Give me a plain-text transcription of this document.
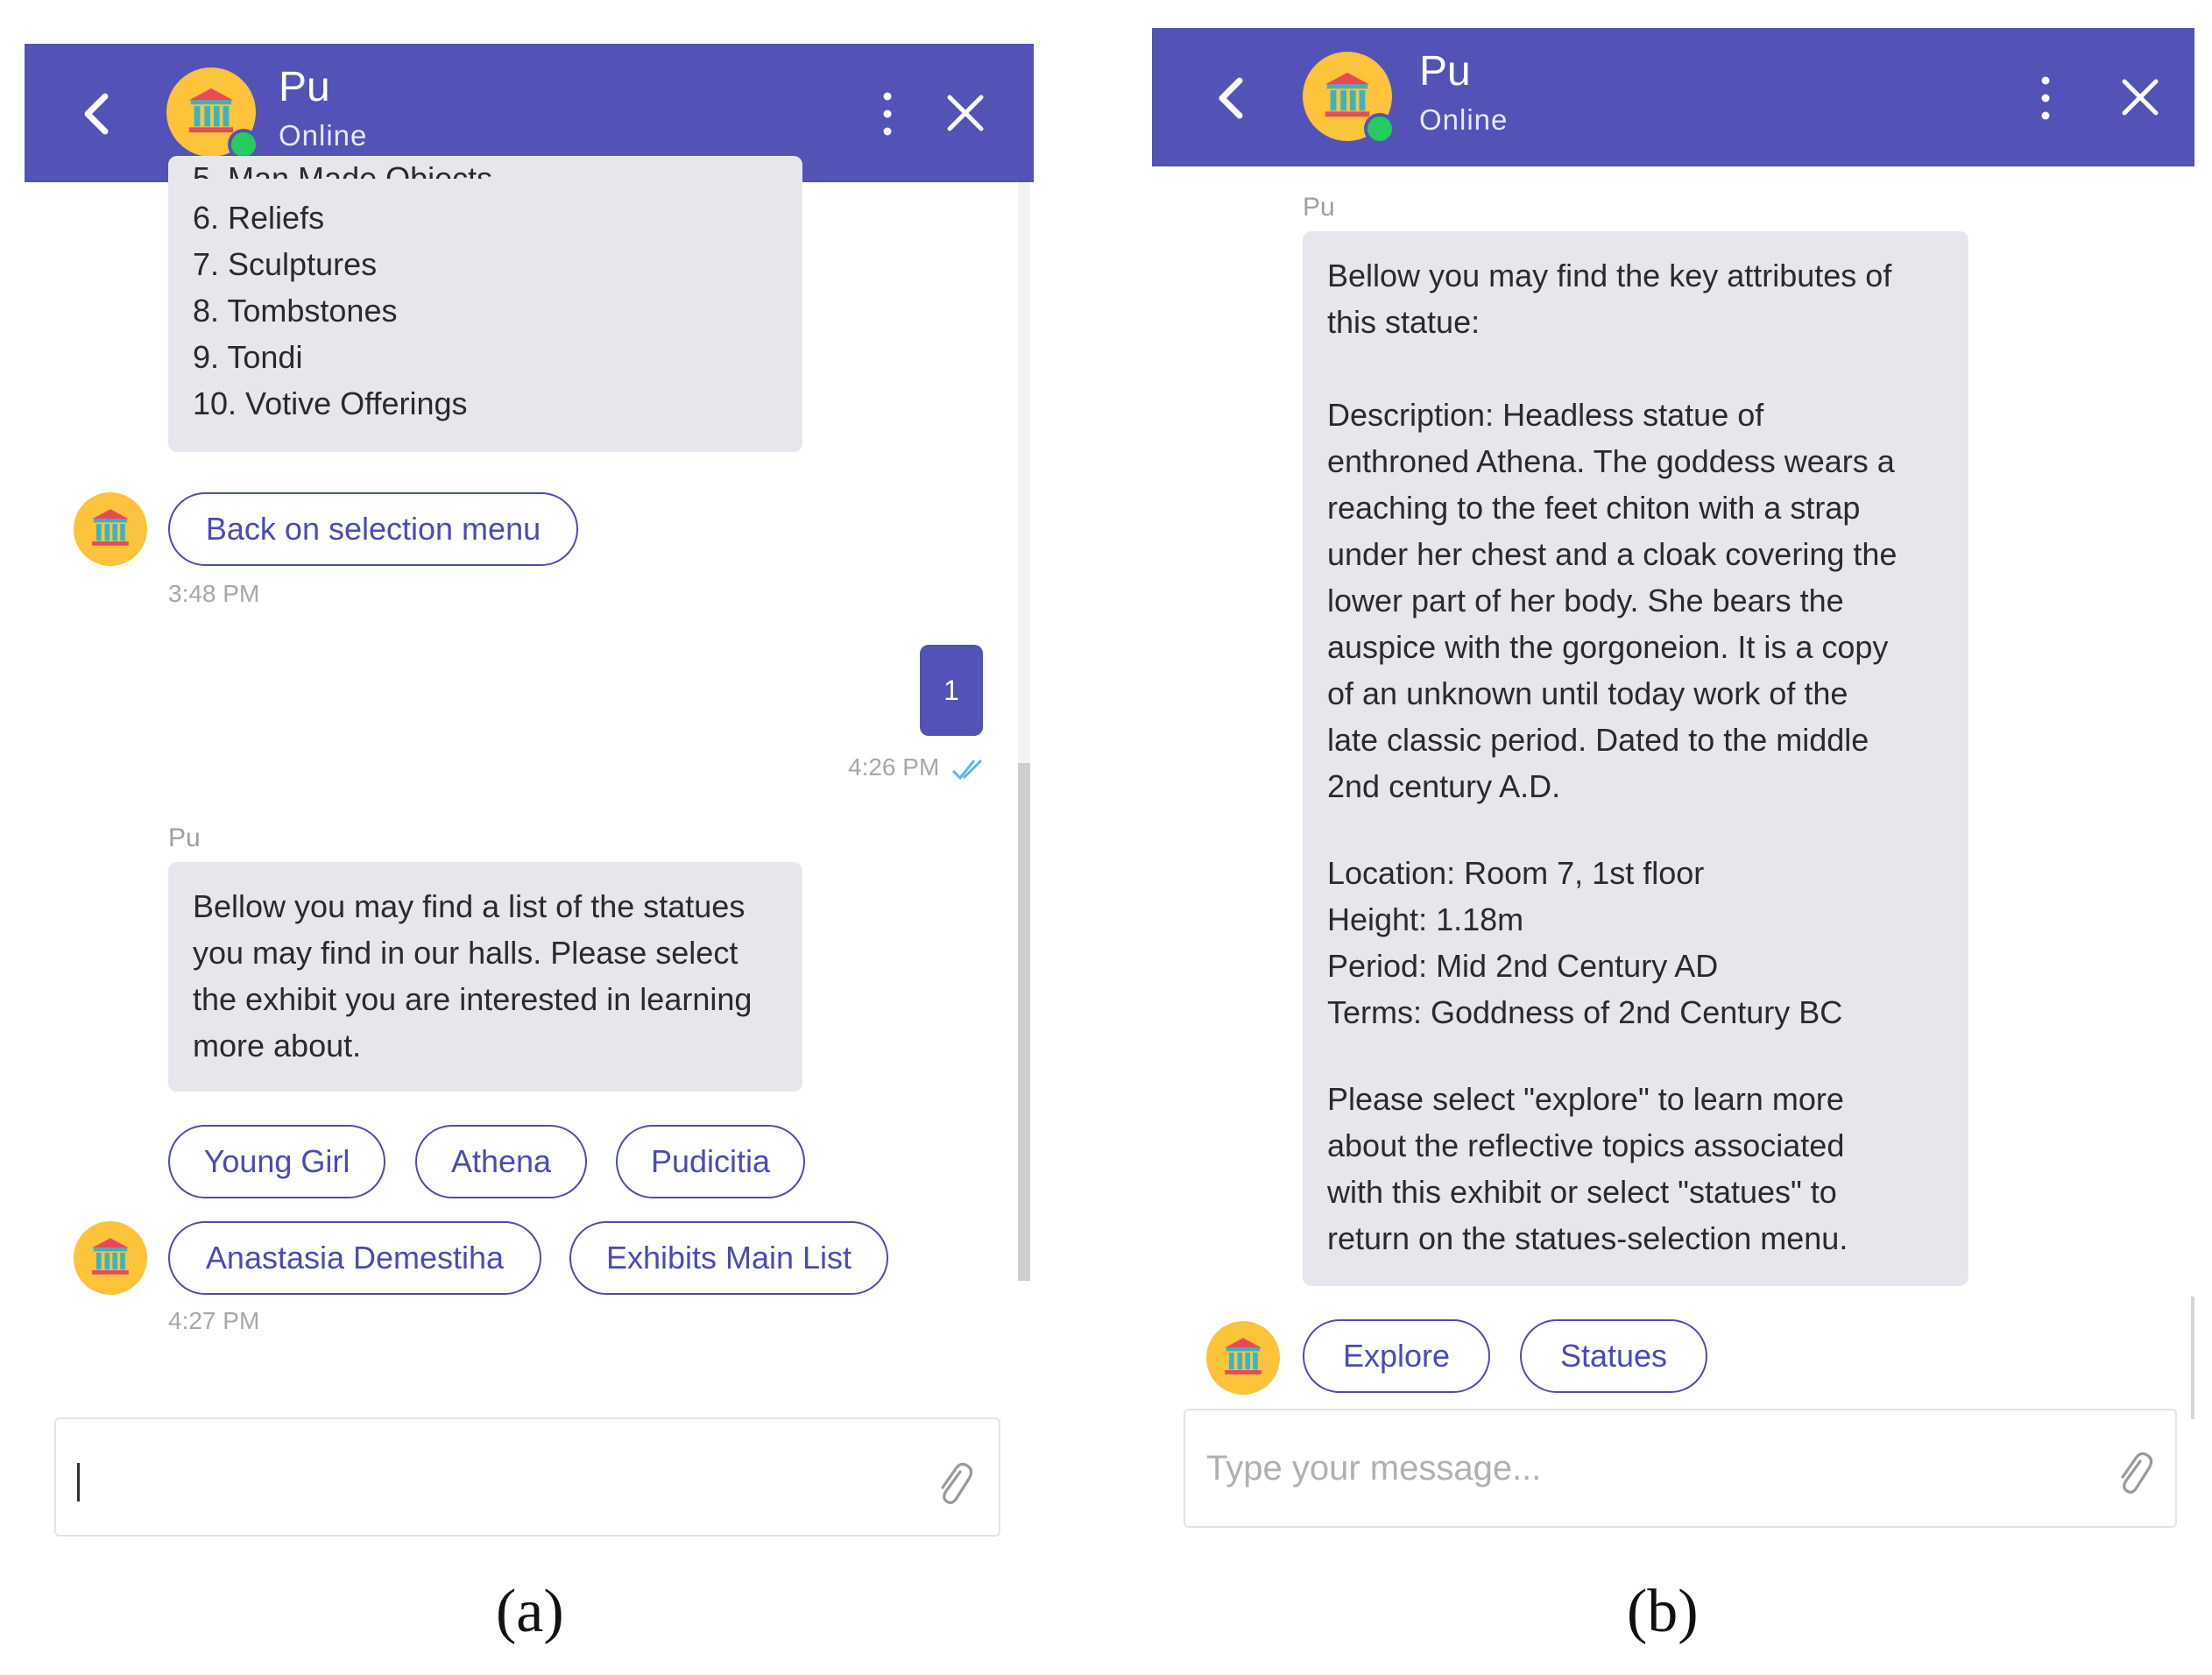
Pu
Online
6. Reliefs
7. Sculptures
8. Tombstones
9. Tondi
10. Votive Offerings
Back on selection menu
3:48 PM
1
4:26 PM
Pu
Bellow you may find a list of the statues
you may find in our halls. Please select
the exhibit you are interested in learning
more about.
Young Girl	Athena	Pudicitia
Anastasia Demestiha	Exhibits Main List
4:27 PM
Pu
Online
Pu
Bellow you may find the key attributes of
this statue:
Description: Headless statue of
enthroned Athena. The goddess wears a
reaching to the feet chiton with a strap
under her chest and a cloak covering the
lower part of her body. She bears the
auspice with the gorgoneion. It is a copy
of an unknown until today work of the
late classic period. Dated to the middle
2nd century A.D.
Location: Room 7, 1st floor
Height: 1.18m
Period: Mid 2nd Century AD
Terms: Goddness of 2nd Century BC
Please select "explore" to learn more
about the reflective topics associated
with this exhibit or select "statues" to
return on the statues-selection menu.
Explore	Statues
Type your message...
(a)	(b)
